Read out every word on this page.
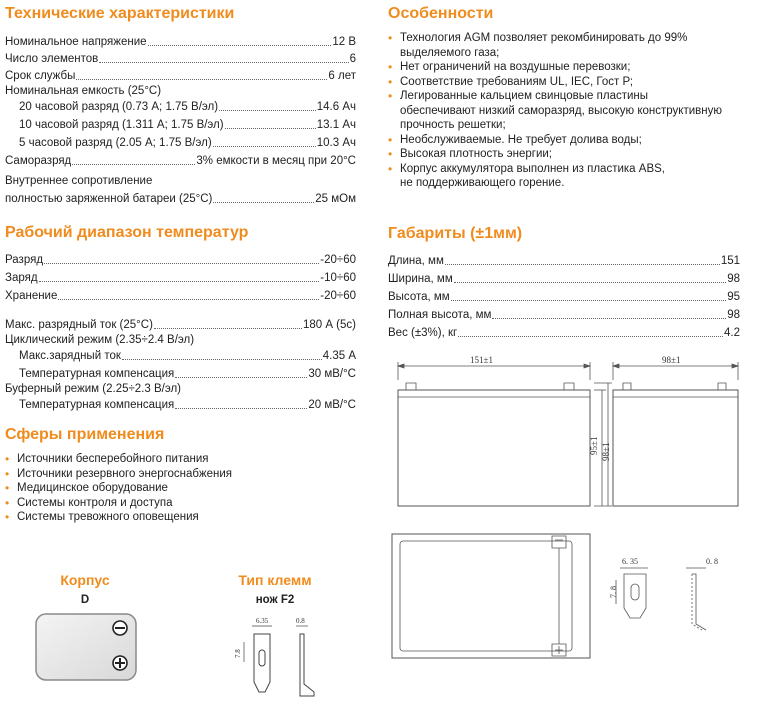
Технические характеристики
Номинальное напряжение	12 В
Число элементов	6
Срок службы	6 лет
Номинальная емкость (25°C)
20 часовой разряд (0.73 А; 1.75 В/эл)	14.6 Ач
10 часовой разряд (1.311 А; 1.75 В/эл)	13.1 Ач
5 часовой разряд (2.05 А; 1.75 В/эл)	10.3 Ач
Саморазряд	3% емкости в месяц при 20°C
Внутреннее сопротивление
полностью заряженной батареи (25°C)	25 мОм
Рабочий диапазон температур
Разряд	-20÷60
Заряд	-10÷60
Хранение	-20÷60
Макс. разрядный ток (25°C)	180 А (5с)
Циклический режим (2.35÷2.4 В/эл)
Макс.зарядный ток	4.35 А
Температурная компенсация	30 мВ/°С
Буферный режим (2.25÷2.3 В/эл)
Температурная компенсация	20 мВ/°С
Сферы применения
• Источники бесперебойного питания
• Источники резервного энергоснабжения
• Медицинское оборудование
• Системы контроля и доступа
• Системы тревожного оповещения
Корпус
D
Тип клемм
нож F2
6.35
7.8
0.8
Особенности
• Технология AGM позволяет рекомбинировать до 99%
выделяемого газа;
• Нет ограничений на воздушные перевозки;
• Соответствие требованиям UL, IEC, Гост Р;
• Легированные кальцием свинцовые пластины
обеспечивают низкий саморазряд, высокую конструктивную
прочность решетки;
• Необслуживаемые. Не требует долива воды;
• Высокая плотность энергии;
• Корпус аккумулятора выполнен из пластика ABS,
не поддерживающего горение.
Габариты (±1мм)
Длина, мм	151
Ширина, мм	98
Высота, мм	95
Полная высота, мм	98
Вес (±3%), кг	4.2
151±1	98±1
95±1 98±1
6. 35
7. 8
0. 8
